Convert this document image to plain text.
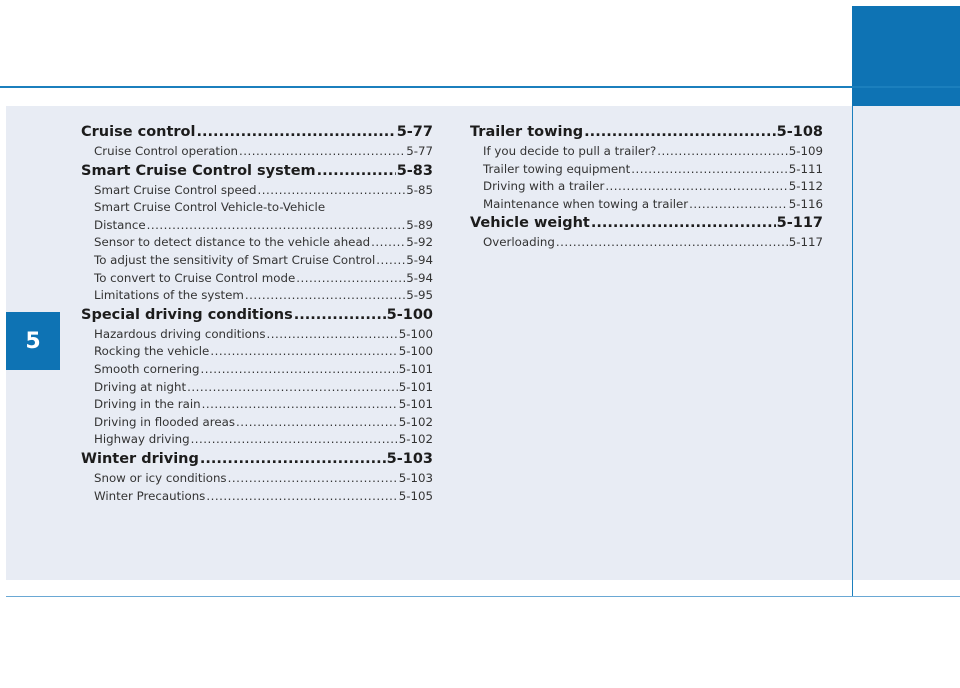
5
Cruise control .....	5-77
Cruise Control operation .....	5-77
Smart Cruise Control system .....	5-83
Smart Cruise Control speed .....	5-85
Smart Cruise Control Vehicle-to-Vehicle
Distance .....	5-89
Sensor to detect distance to the vehicle ahead .....	5-92
To adjust the sensitivity of Smart Cruise Control .....	5-94
To convert to Cruise Control mode .....	5-94
Limitations of the system .....	5-95
Special driving conditions .....	5-100
Hazardous driving conditions .....	5-100
Rocking the vehicle .....	5-100
Smooth cornering .....	5-101
Driving at night .....	5-101
Driving in the rain .....	5-101
Driving in flooded areas .....	5-102
Highway driving .....	5-102
Winter driving .....	5-103
Snow or icy conditions .....	5-103
Winter Precautions .....	5-105
Trailer towing .....	5-108
If you decide to pull a trailer? .....	5-109
Trailer towing equipment .....	5-111
Driving with a trailer .....	5-112
Maintenance when towing a trailer .....	5-116
Vehicle weight .....	5-117
Overloading .....	5-117
